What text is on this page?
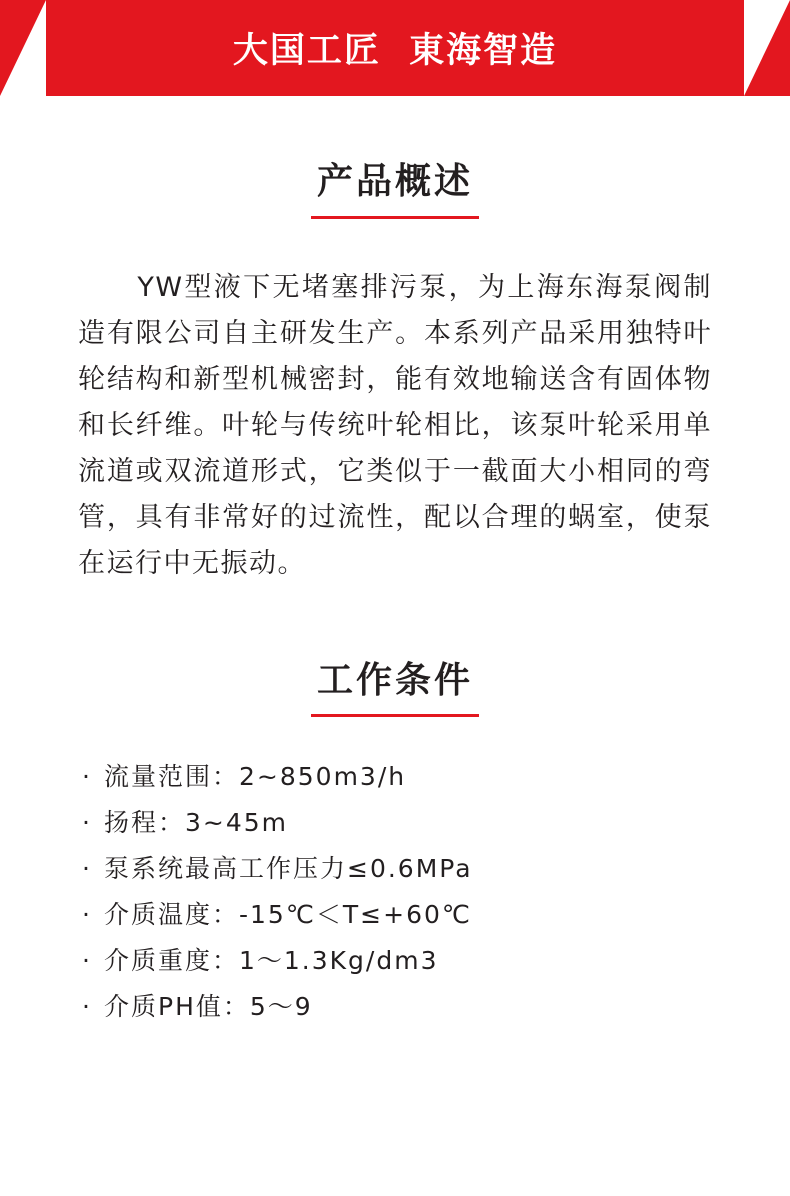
大国工匠  東海智造
产品概述

YW型液下无堵塞排污泵，为上海东海泵阀制造有限公司自主研发生产。本系列产品采用独特叶轮结构和新型机械密封，能有效地输送含有固体物和长纤维。叶轮与传统叶轮相比，该泵叶轮采用单流道或双流道形式，它类似于一截面大小相同的弯管，具有非常好的过流性，配以合理的蜗室，使泵在运行中无振动。

工作条件
· 流量范围：2~850m3/h
· 扬程：3~45m
· 泵系统最高工作压力≤0.6MPa
· 介质温度：-15℃＜T≤+60℃
· 介质重度：1～1.3Kg/dm3
· 介质PH值：5～9
